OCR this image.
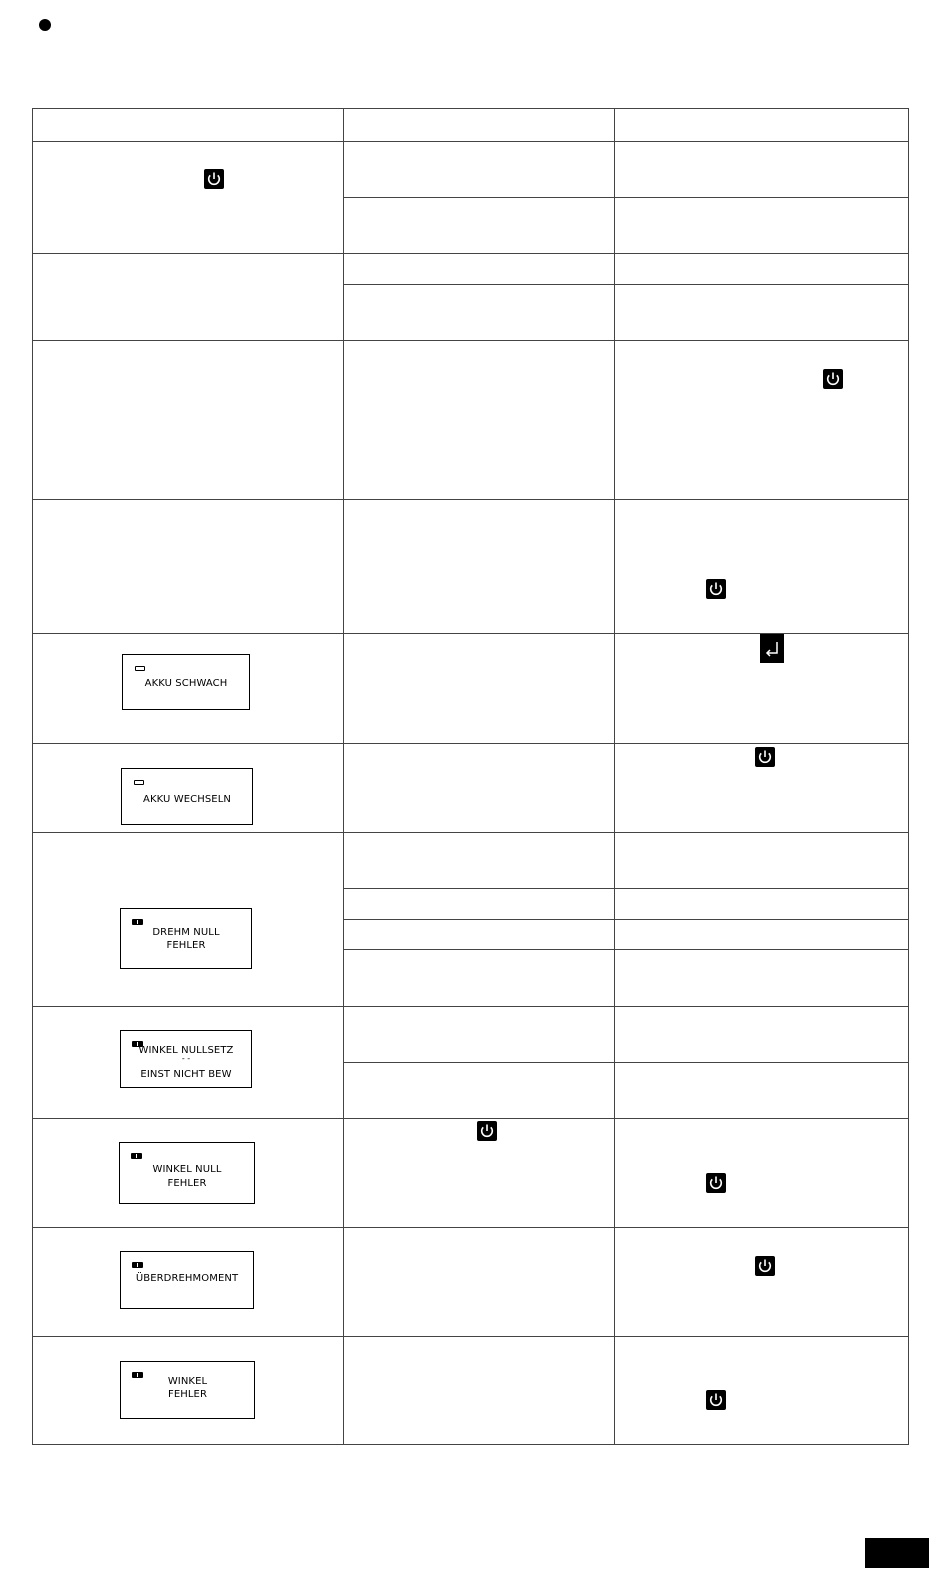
AKKU SCHWACH
AKKU WECHSELN
DREHM NULL
FEHLER
WINKEL NULLSETZ
- -
EINST NICHT BEW
WINKEL NULL
FEHLER
ÜBERDREHMOMENT
WINKEL
FEHLER
